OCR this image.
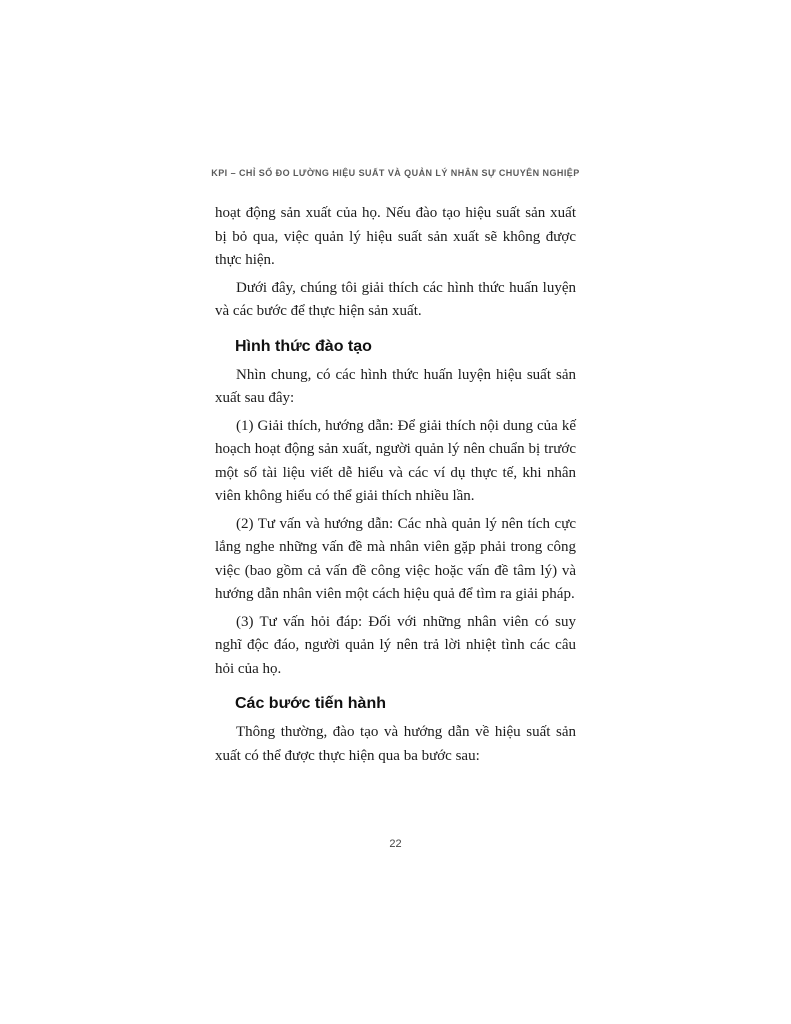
KPI – CHỈ SỐ ĐO LƯỜNG HIỆU SUẤT VÀ QUẢN LÝ NHÂN SỰ CHUYÊN NGHIỆP

hoạt động sản xuất của họ. Nếu đào tạo hiệu suất sản xuất bị bỏ qua, việc quản lý hiệu suất sản xuất sẽ không được thực hiện.

Dưới đây, chúng tôi giải thích các hình thức huấn luyện và các bước để thực hiện sản xuất.

Hình thức đào tạo

Nhìn chung, có các hình thức huấn luyện hiệu suất sản xuất sau đây:

(1) Giải thích, hướng dẫn: Để giải thích nội dung của kế hoạch hoạt động sản xuất, người quản lý nên chuẩn bị trước một số tài liệu viết dễ hiểu và các ví dụ thực tế, khi nhân viên không hiểu có thể giải thích nhiều lần.

(2) Tư vấn và hướng dẫn: Các nhà quản lý nên tích cực lắng nghe những vấn đề mà nhân viên gặp phải trong công việc (bao gồm cả vấn đề công việc hoặc vấn đề tâm lý) và hướng dẫn nhân viên một cách hiệu quả để tìm ra giải pháp.

(3) Tư vấn hỏi đáp: Đối với những nhân viên có suy nghĩ độc đáo, người quản lý nên trả lời nhiệt tình các câu hỏi của họ.

Các bước tiến hành

Thông thường, đào tạo và hướng dẫn về hiệu suất sản xuất có thể được thực hiện qua ba bước sau:

22
